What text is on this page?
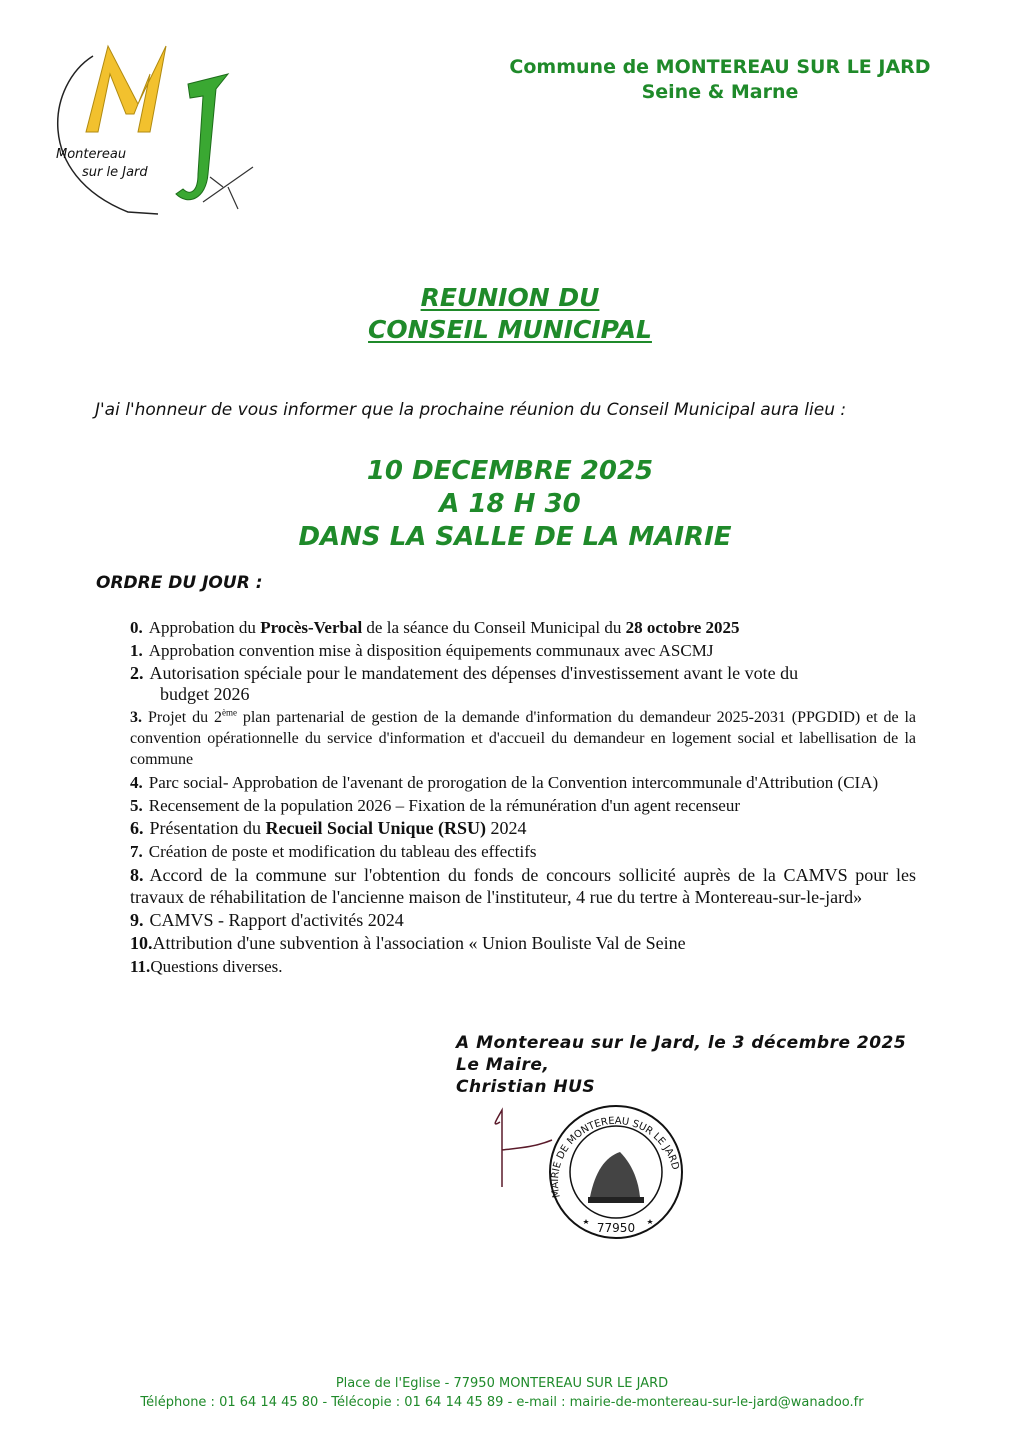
Montereau
sur le Jard
Commune de MONTEREAU SUR LE JARD
Seine & Marne
REUNION DU
CONSEIL MUNICIPAL
J'ai l'honneur de vous informer que la prochaine réunion du Conseil Municipal aura lieu :
10 DECEMBRE 2025
A 18 H 30
DANS LA SALLE DE LA MAIRIE
ORDRE DU JOUR :
0. Approbation du Procès-Verbal de la séance du Conseil Municipal du 28 octobre 2025
1. Approbation convention mise à disposition équipements communaux avec ASCMJ
2. Autorisation spéciale pour le mandatement des dépenses d'investissement avant le vote du
budget 2026
3. Projet du 2ème plan partenarial de gestion de la demande d'information du demandeur 2025-2031 (PPGDID) et de la convention opérationnelle du service d'information et d'accueil du demandeur en logement social et labellisation de la commune
4. Parc social- Approbation de l'avenant de prorogation de la Convention intercommunale d'Attribution (CIA)
5. Recensement de la population 2026 – Fixation de la rémunération d'un agent recenseur
6. Présentation du Recueil Social Unique (RSU) 2024
7. Création de poste et modification du tableau des effectifs
8. Accord de la commune sur l'obtention du fonds de concours sollicité auprès de la CAMVS pour les travaux de réhabilitation de l'ancienne maison de l'instituteur, 4 rue du tertre à Montereau-sur-le-jard»
9. CAMVS - Rapport d'activités 2024
10.Attribution d'une subvention à l'association « Union Bouliste Val de Seine
11.Questions diverses.
A Montereau sur le Jard, le 3 décembre 2025
Le Maire,
Christian HUS
MAIRIE DE MONTEREAU SUR LE JARD
77950
Place de l'Eglise - 77950 MONTEREAU SUR LE JARD
Téléphone : 01 64 14 45 80 - Télécopie : 01 64 14 45 89 - e-mail : mairie-de-montereau-sur-le-jard@wanadoo.fr
